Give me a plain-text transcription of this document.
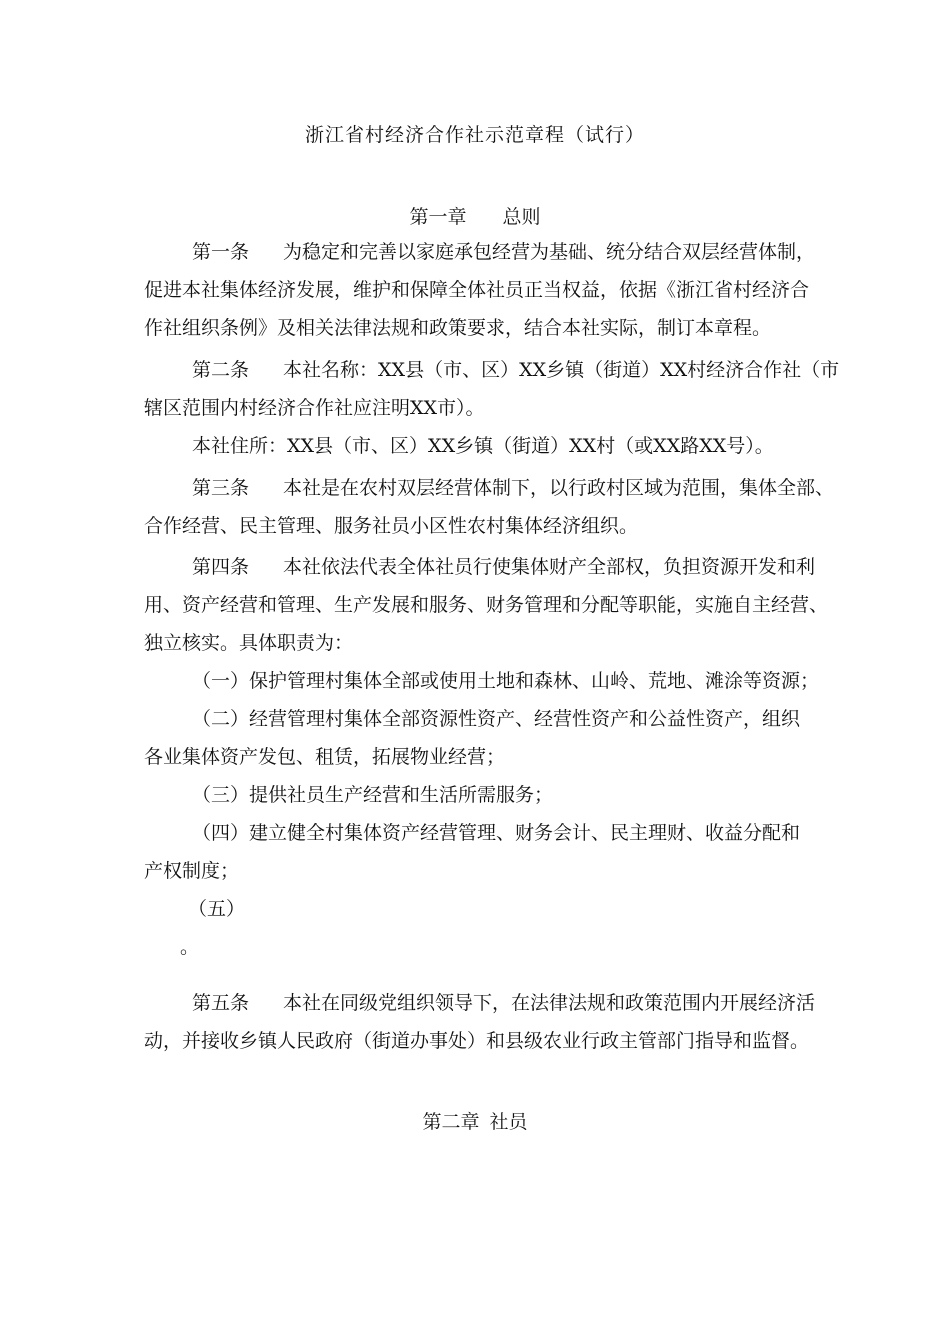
浙江省村经济合作社示范章程（试行）
第一章 总则
第一条 为稳定和完善以家庭承包经营为基础、统分结合双层经营体制，
促进本社集体经济发展，维护和保障全体社员正当权益，依据《浙江省村经济合
作社组织条例》及相关法律法规和政策要求，结合本社实际，制订本章程。
第二条 本社名称：XX县（市、区）XX乡镇（街道）XX村经济合作社（市
辖区范围内村经济合作社应注明XX市）。
本社住所：XX县（市、区）XX乡镇（街道）XX村（或XX路XX号）。
第三条 本社是在农村双层经营体制下，以行政村区域为范围，集体全部、
合作经营、民主管理、服务社员小区性农村集体经济组织。
第四条 本社依法代表全体社员行使集体财产全部权，负担资源开发和利
用、资产经营和管理、生产发展和服务、财务管理和分配等职能，实施自主经营、
独立核实。具体职责为：
（一）保护管理村集体全部或使用土地和森林、山岭、荒地、滩涂等资源；
（二）经营管理村集体全部资源性资产、经营性资产和公益性资产，组织
各业集体资产发包、租赁，拓展物业经营；
（三）提供社员生产经营和生活所需服务；
（四）建立健全村集体资产经营管理、财务会计、民主理财、收益分配和
产权制度；
（五）
。
第五条 本社在同级党组织领导下，在法律法规和政策范围内开展经济活
动，并接收乡镇人民政府（街道办事处）和县级农业行政主管部门指导和监督。
第二章 社员
